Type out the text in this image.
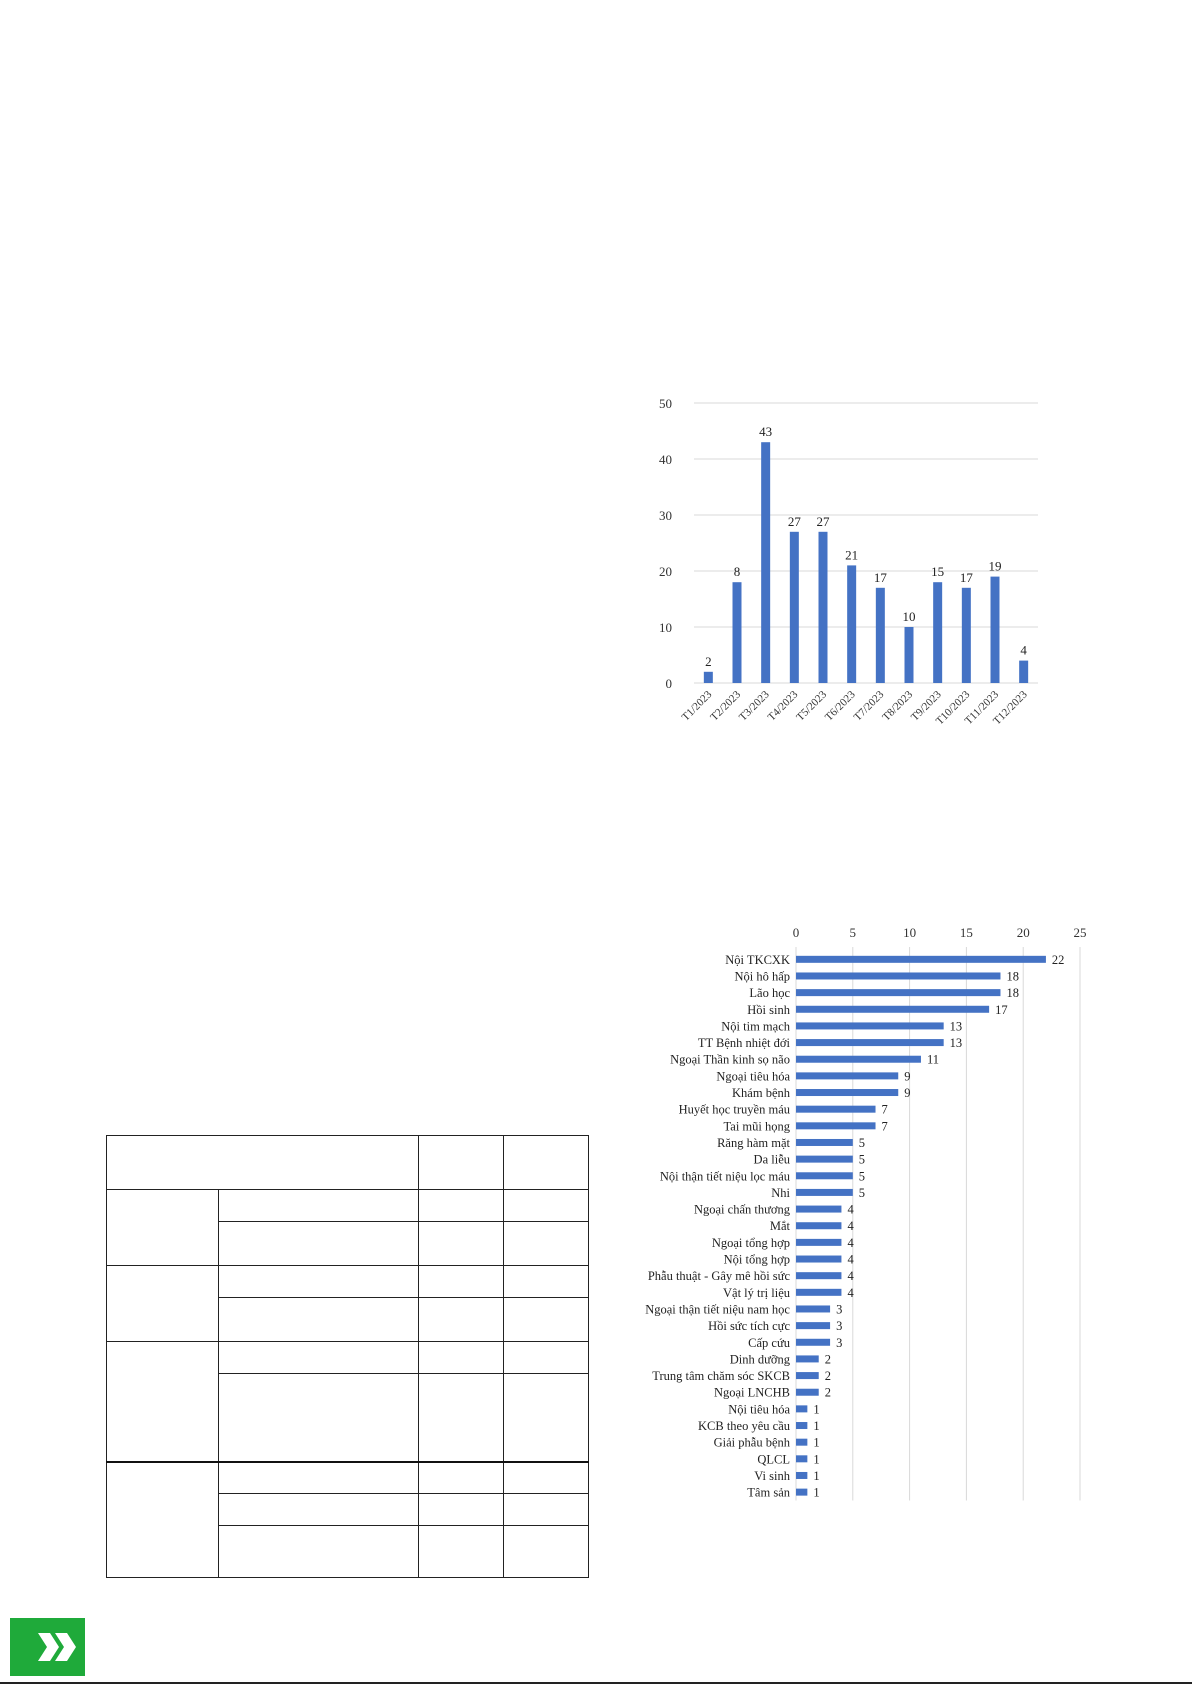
0
10
20
30
40
50
2
T1/2023
8
T2/2023
43
T3/2023
27
T4/2023
27
T5/2023
21
T6/2023
17
T7/2023
10
T8/2023
15
T9/2023
17
T10/2023
19
T11/2023
4
T12/2023
0	5	10	15	20	25
Nội TKCXK	22
Nội hô hấp	18
Lão học	18
Hồi sinh	17
Nội tim mạch	13
TT Bệnh nhiệt đới	13
Ngoại Thần kinh sọ não	11
Ngoại tiêu hóa	9
Khám bệnh	9
Huyết học truyền máu	7
Tai mũi họng	7
Răng hàm mặt	5
Da liễu	5
Nội thận tiết niệu lọc máu	5
Nhi	5
Ngoại chấn thương	4
Mắt	4
Ngoại tổng hợp	4
Nội tổng hợp	4
Phẫu thuật - Gây mê hồi sức	4
Vật lý trị liệu	4
Ngoại thận tiết niệu nam học	3
Hồi sức tích cực	3
Cấp cứu	3
Dinh dưỡng	2
Trung tâm chăm sóc SKCB	2
Ngoại LNCHB	2
Nội tiêu hóa 1
KCB theo yêu cầu 1
Giải phẫu bệnh 1
QLCL 1
Vi sinh 1
Tâm sản 1
